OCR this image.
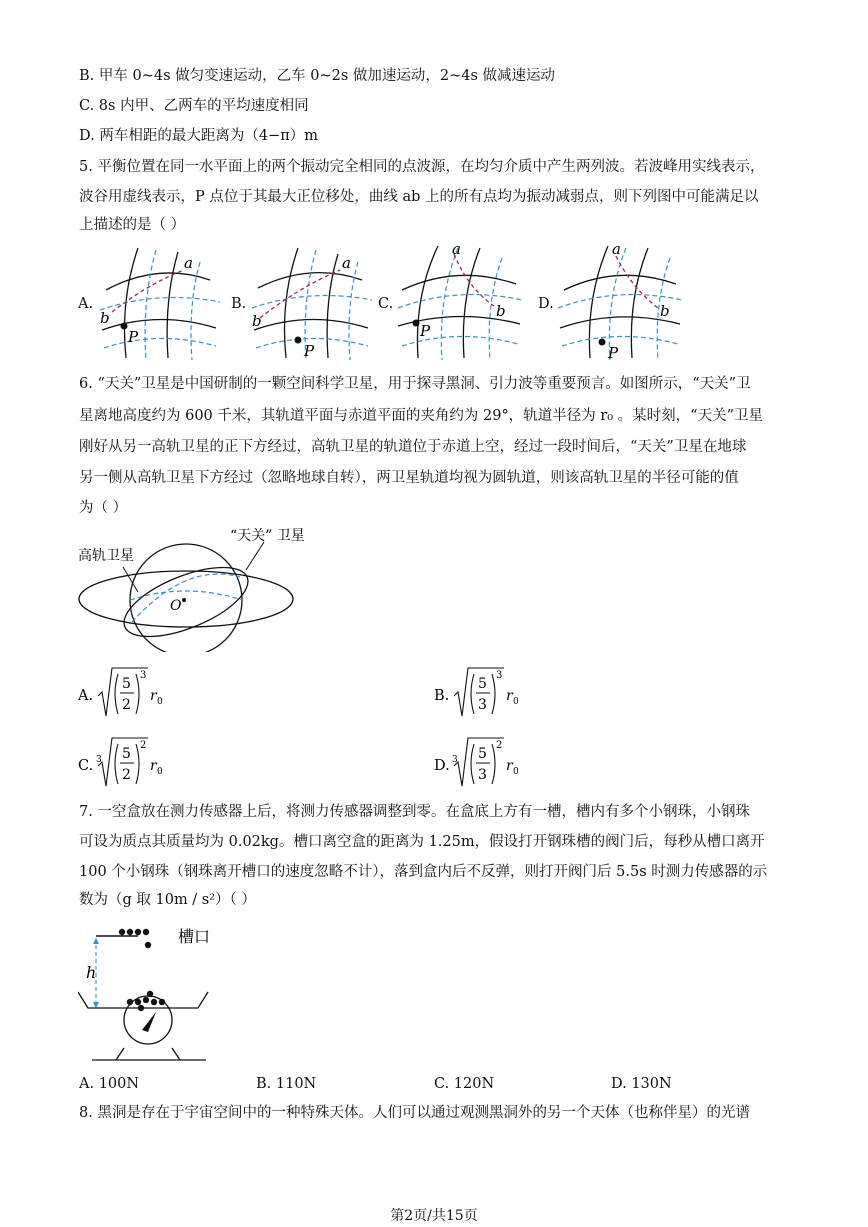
B. 甲车 0~4s 做匀变速运动，乙车 0~2s 做加速运动，2~4s 做减速运动
C. 8s 内甲、乙两车的平均速度相同
D. 两车相距的最大距离为（4−π）m
5. 平衡位置在同一水平面上的两个振动完全相同的点波源，在均匀介质中产生两列波。若波峰用实线表示，
波谷用虚线表示，P 点位于其最大正位移处，曲线 ab 上的所有点均为振动减弱点，则下列图中可能满足以
上描述的是（ ）
A.
a
b
P
B.
a
b
P
C.
a
b
P
D.
a
b
P
6. “天关”卫星是中国研制的一颗空间科学卫星，用于探寻黑洞、引力波等重要预言。如图所示，“天关”卫
星离地高度约为 600 千米，其轨道平面与赤道平面的夹角约为 29°，轨道半径为 r₀ 。某时刻，“天关”卫星
刚好从另一高轨卫星的正下方经过，高轨卫星的轨道位于赤道上空，经过一段时间后，“天关”卫星在地球
另一侧从高轨卫星下方经过（忽略地球自转），两卫星轨道均视为圆轨道，则该高轨卫星的半径可能的值
为（ ）
O
高轨卫星
“天关” 卫星
A.
5
2
3
r 0	B.
5
3
3
r 0
C. 3 5
2
2
r 0	D. 3 5
3
2
r 0
7. 一空盒放在测力传感器上后，将测力传感器调整到零。在盒底上方有一槽，槽内有多个小钢珠，小钢珠
可设为质点其质量均为 0.02kg。槽口离空盒的距离为 1.25m，假设打开钢珠槽的阀门后，每秒从槽口离开
100 个小钢珠（钢珠离开槽口的速度忽略不计），落到盒内后不反弹，则打开阀门后 5.5s 时测力传感器的示
数为（g 取 10m / s²）（ ）
h
槽口
A. 100N	B. 110N	C. 120N	D. 130N
8. 黑洞是存在于宇宙空间中的一种特殊天体。人们可以通过观测黑洞外的另一个天体（也称伴星）的光谱
第2页/共15页
